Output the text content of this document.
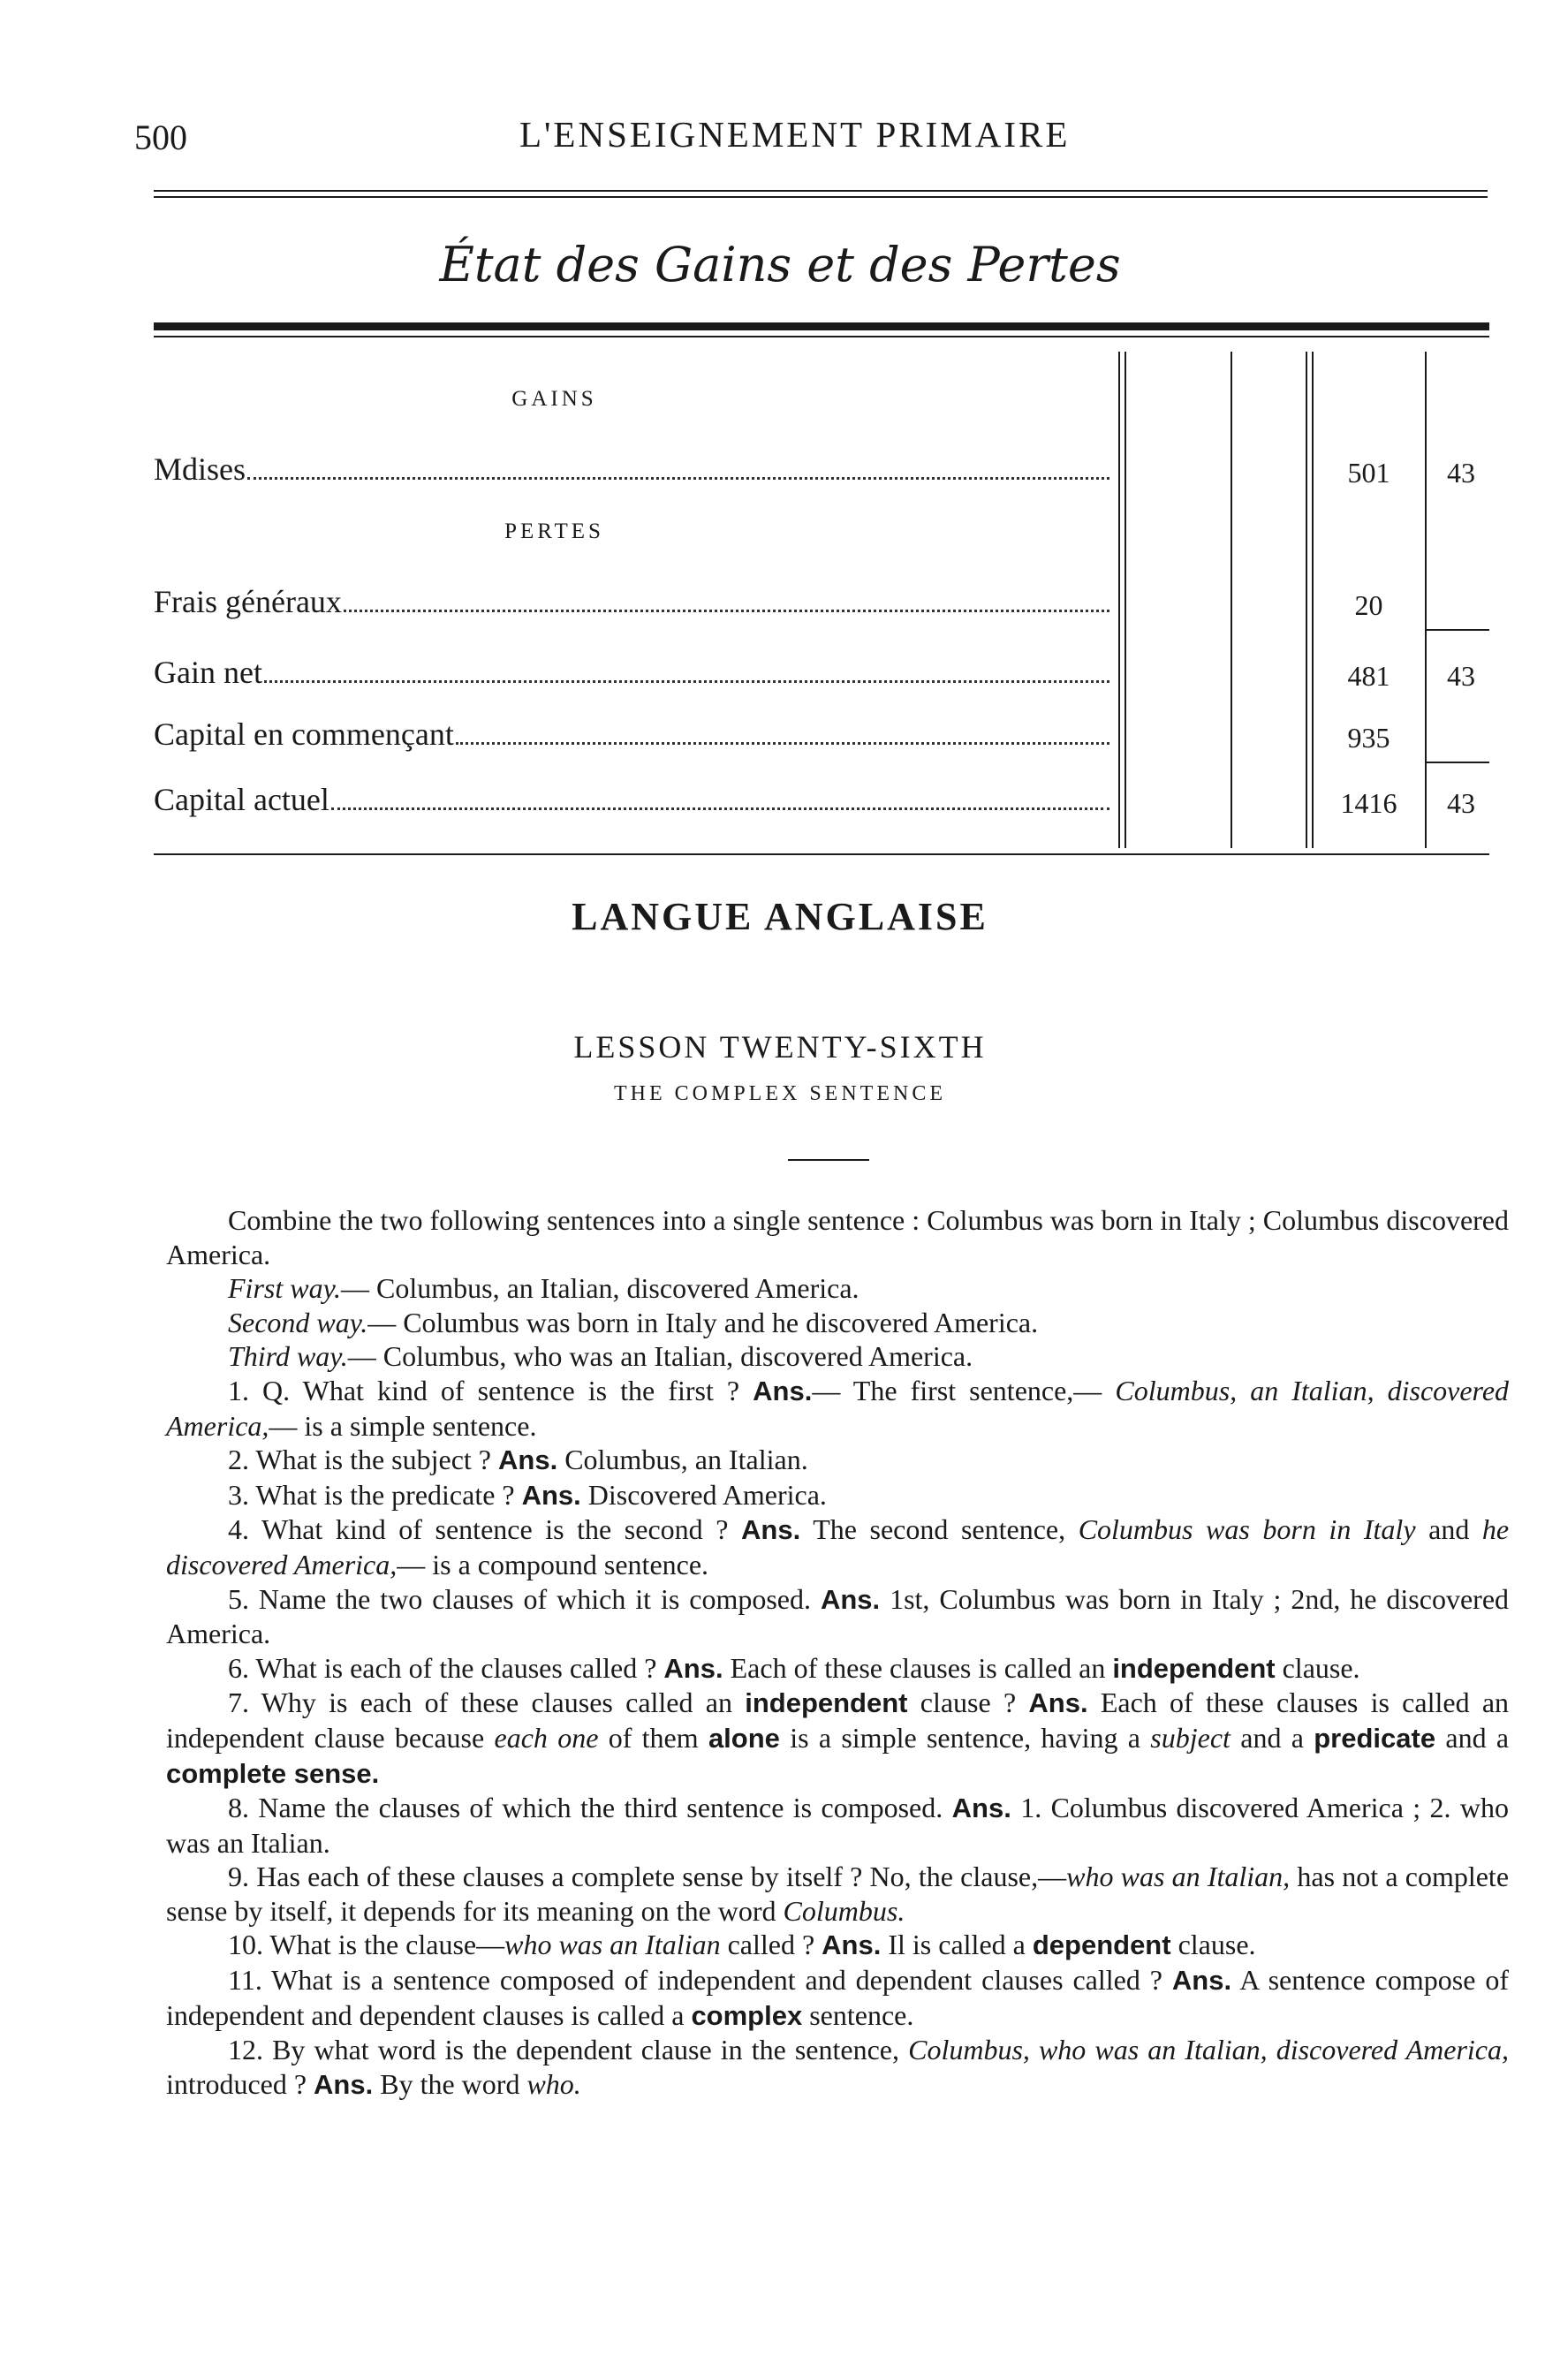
500	L'ENSEIGNEMENT PRIMAIRE
État des Gains et des Pertes
GAINS
Mdises	501	43
PERTES
Frais généraux	20
Gain net	481	43
Capital en commençant	935
Capital actuel	1416	43
LANGUE ANGLAISE
LESSON TWENTY-SIXTH
THE COMPLEX SENTENCE

Combine the two following sentences into a single sentence : Columbus was born in Italy ; Columbus discovered America.

First way.— Columbus, an Italian, discovered America.

Second way.— Columbus was born in Italy and he discovered America.

Third way.— Columbus, who was an Italian, discovered America.

1. Q. What kind of sentence is the first ? Ans.— The first sentence,— Columbus, an Italian, discovered America,— is a simple sentence.

2. What is the subject ? Ans. Columbus, an Italian.

3. What is the predicate ? Ans. Discovered America.

4. What kind of sentence is the second ? Ans. The second sentence, Columbus was born in Italy and he discovered America,— is a compound sentence.

5. Name the two clauses of which it is composed. Ans. 1st, Columbus was born in Italy ; 2nd, he discovered America.

6. What is each of the clauses called ? Ans. Each of these clauses is called an independent clause.

7. Why is each of these clauses called an independent clause ? Ans. Each of these clauses is called an independent clause because each one of them alone is a simple sentence, having a subject and a predicate and a complete sense.

8. Name the clauses of which the third sentence is composed. Ans. 1. Columbus discovered America ; 2. who was an Italian.

9. Has each of these clauses a complete sense by itself ? No, the clause,—who was an Italian, has not a complete sense by itself, it depends for its meaning on the word Columbus.

10. What is the clause—who was an Italian called ? Ans. Il is called a dependent clause.

11. What is a sentence composed of independent and dependent clauses called ? Ans. A sentence compose of independent and dependent clauses is called a complex sentence.

12. By what word is the dependent clause in the sentence, Columbus, who was an Italian, discovered America, introduced ? Ans. By the word who.
